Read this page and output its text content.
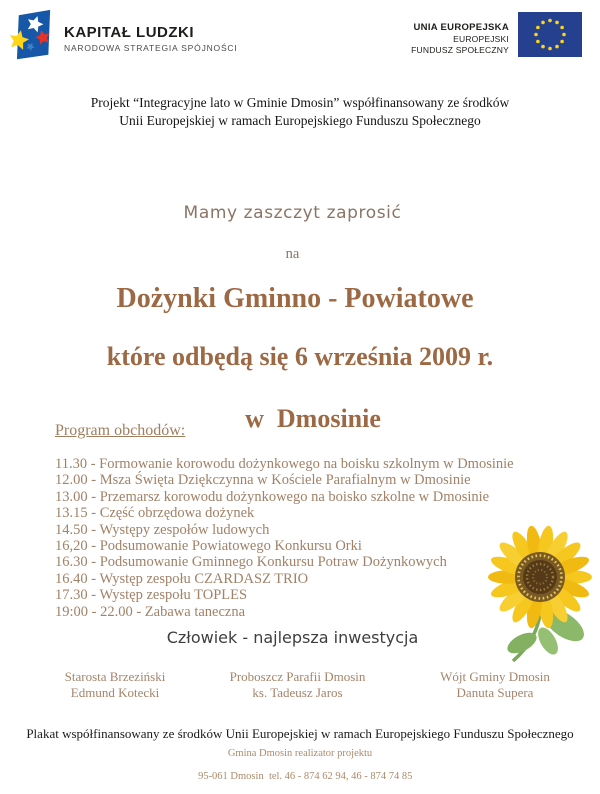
KAPITAŁ LUDZKI
NARODOWA STRATEGIA SPÓJNOŚCI
UNIA EUROPEJSKA
EUROPEJSKI
FUNDUSZ SPOŁECZNY
Projekt “Integracyjne lato w Gminie Dmosin” współfinansowany ze środków
Unii Europejskiej w ramach Europejskiego Funduszu Społecznego
Mamy zaszczyt zaprosić
na
Dożynki Gminno - Powiatowe
które odbędą się 6 września 2009 r.

w  Dmosinie

Program obchodów:
11.30 - Formowanie korowodu dożynkowego na boisku szkolnym w Dmosinie
12.00 - Msza Święta Dziękczynna w Kościele Parafialnym w Dmosinie
13.00 - Przemarsz korowodu dożynkowego na boisko szkolne w Dmosinie
13.15 - Część obrzędowa dożynek
14.50 - Występy zespołów ludowych
16,20 - Podsumowanie Powiatowego Konkursu Orki
16.30 - Podsumowanie Gminnego Konkursu Potraw Dożynkowych
16.40 - Występ zespołu CZARDASZ TRIO
17.30 - Występ zespołu TOPLES
19:00 - 22.00 - Zabawa taneczna
Człowiek - najlepsza inwestycja
Starosta Brzeziński
Edmund Kotecki
Proboszcz Parafii Dmosin
ks. Tadeusz Jaros
Wójt Gminy Dmosin
Danuta Supera
Plakat współfinansowany ze środków Unii Europejskiej w ramach Europejskiego Funduszu Społecznego
Gmina Dmosin realizator projektu

95-061 Dmosin  tel. 46 - 874 62 94, 46 - 874 74 85
